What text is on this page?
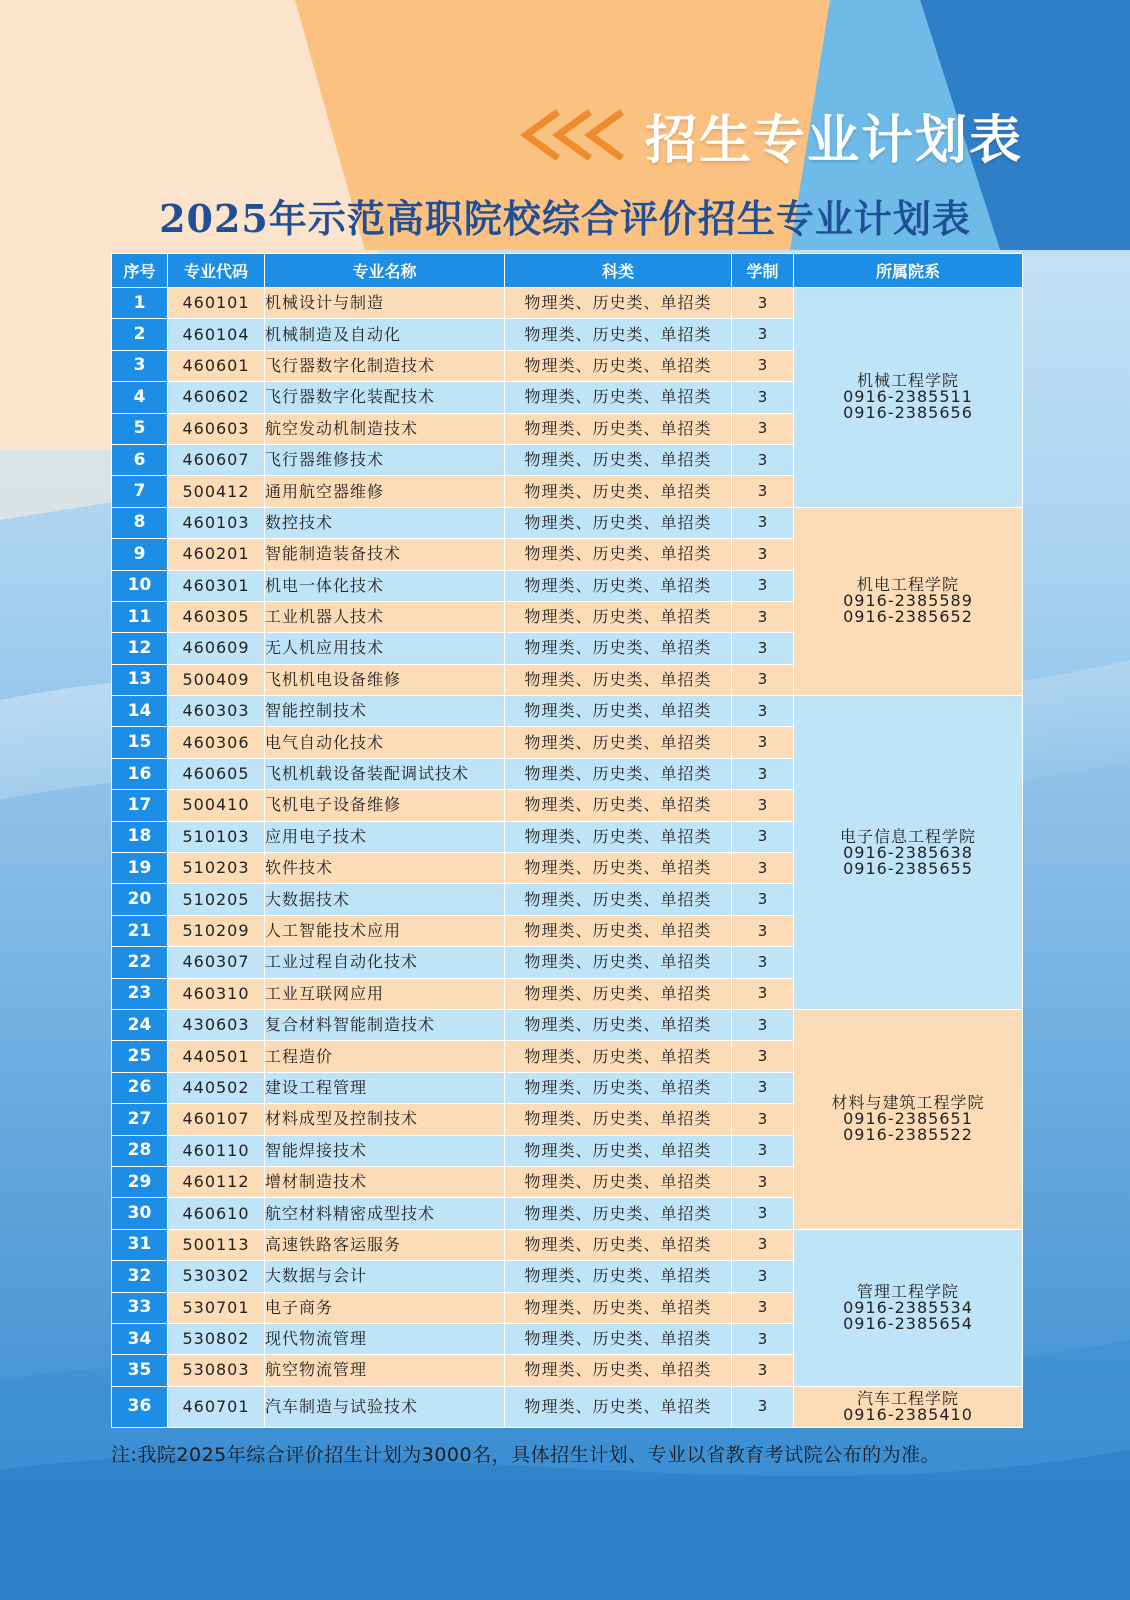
招生专业计划表
2025年示范高职院校综合评价招生专业计划表
序号	专业代码	专业名称	科类	学制	所属院系
1	460101	机械设计与制造	物理类、历史类、单招类	3	机械工程学院
0916-2385511
0916-2385656

2	460104	机械制造及自动化	物理类、历史类、单招类	3	
3	460601	飞行器数字化制造技术	物理类、历史类、单招类	3	
4	460602	飞行器数字化装配技术	物理类、历史类、单招类	3	
5	460603	航空发动机制造技术	物理类、历史类、单招类	3	
6	460607	飞行器维修技术	物理类、历史类、单招类	3	
7	500412	通用航空器维修	物理类、历史类、单招类	3	
8	460103	数控技术	物理类、历史类、单招类	3	机电工程学院
0916-2385589
0916-2385652

9	460201	智能制造装备技术	物理类、历史类、单招类	3	
10	460301	机电一体化技术	物理类、历史类、单招类	3	
11	460305	工业机器人技术	物理类、历史类、单招类	3	
12	460609	无人机应用技术	物理类、历史类、单招类	3	
13	500409	飞机机电设备维修	物理类、历史类、单招类	3	
14	460303	智能控制技术	物理类、历史类、单招类	3	电子信息工程学院
0916-2385638
0916-2385655

15	460306	电气自动化技术	物理类、历史类、单招类	3	
16	460605	飞机机载设备装配调试技术	物理类、历史类、单招类	3	
17	500410	飞机电子设备维修	物理类、历史类、单招类	3	
18	510103	应用电子技术	物理类、历史类、单招类	3	
19	510203	软件技术	物理类、历史类、单招类	3	
20	510205	大数据技术	物理类、历史类、单招类	3	
21	510209	人工智能技术应用	物理类、历史类、单招类	3	
22	460307	工业过程自动化技术	物理类、历史类、单招类	3	
23	460310	工业互联网应用	物理类、历史类、单招类	3	
24	430603	复合材料智能制造技术	物理类、历史类、单招类	3	材料与建筑工程学院
0916-2385651
0916-2385522

25	440501	工程造价	物理类、历史类、单招类	3	
26	440502	建设工程管理	物理类、历史类、单招类	3	
27	460107	材料成型及控制技术	物理类、历史类、单招类	3	
28	460110	智能焊接技术	物理类、历史类、单招类	3	
29	460112	增材制造技术	物理类、历史类、单招类	3	
30	460610	航空材料精密成型技术	物理类、历史类、单招类	3	
31	500113	高速铁路客运服务	物理类、历史类、单招类	3	管理工程学院
0916-2385534
0916-2385654

32	530302	大数据与会计	物理类、历史类、单招类	3	
33	530701	电子商务	物理类、历史类、单招类	3	
34	530802	现代物流管理	物理类、历史类、单招类	3	
35	530803	航空物流管理	物理类、历史类、单招类	3	
36	460701	汽车制造与试验技术	物理类、历史类、单招类	3	汽车工程学院
0916-2385410
注:我院2025年综合评价招生计划为3000名，具体招生计划、专业以省教育考试院公布的为准。
